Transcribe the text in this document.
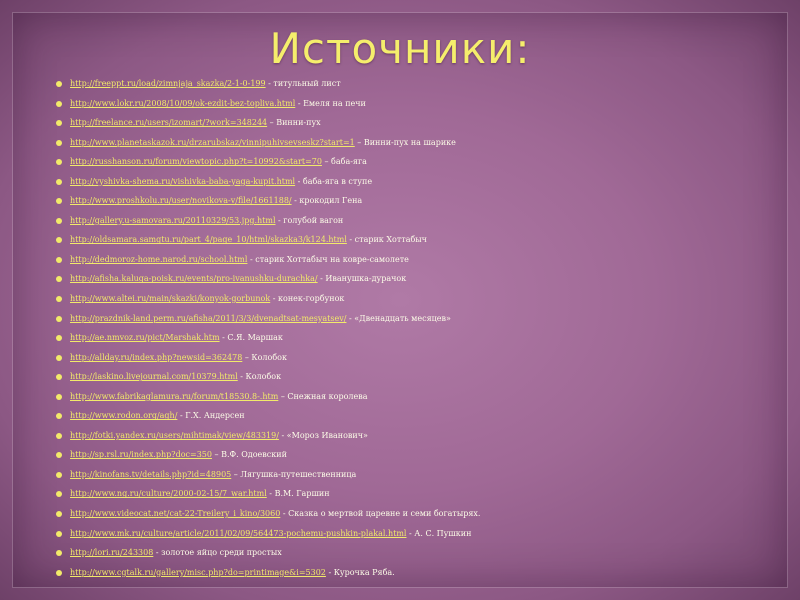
Источники:
http://freeppt.ru/load/zimnjaja_skazka/2-1-0-199 - титульный лист
http://www.lokr.ru/2008/10/09/ok-ezdit-bez-topliva.html - Емеля на печи
http://freelance.ru/users/izomart/?work=348244 – Винни-пух
http://www.planetaskazok.ru/drzarubskaz/vinnipuhivsevseskz?start=1 – Винни-пух на шарике
http://russhanson.ru/forum/viewtopic.php?t=10992&start=70 – баба-яга
http://vyshivka-shema.ru/vishivka-baba-yaga-kupit.html - баба-яга в ступе
http://www.proshkolu.ru/user/novikova-v/file/1661188/ - крокодил Гена
http://gallery.u-samovara.ru/20110329/53.jpg.html - голубой вагон
http://oldsamara.samgtu.ru/part_4/page_10/html/skazka3/k124.html - старик Хоттабыч
http://dedmoroz-home.narod.ru/school.html - старик Хоттабыч на ковре-самолете
http://afisha.kaluga-poisk.ru/events/pro-ivanushku-durachka/ - Иванушка-дурачок
http://www.altei.ru/main/skazki/konyok-gorbunok - конек-горбунок
http://prazdnik-land.perm.ru/afisha/2011/3/3/dvenadtsat-mesyatsev/ - «Двенадцать месяцев»
http://ae.nmvoz.ru/pict/Marshak.htm - С.Я. Маршак
http://allday.ru/index.php?newsid=362478 – Колобок
http://laskino.livejournal.com/10379.html - Колобок
http://www.fabrikaglamura.ru/forum/t18530.8-.htm – Снежная королева
http://www.rodon.org/agh/ - Г.Х. Андерсен
http://fotki.yandex.ru/users/mihtimak/view/483319/ - «Мороз Иванович»
http://sp.rsl.ru/index.php?doc=350 – В.Ф. Одоевский
http://kinofans.tv/details.php?id=48905 – Лягушка-путешественница
http://www.ng.ru/culture/2000-02-15/7_war.html - В.М. Гаршин
http://www.videocat.net/cat-22-Treilery_i_kino/3060 - Сказка о мертвой царевне и семи богатырях.
http://www.mk.ru/culture/article/2011/02/09/564473-pochemu-pushkin-plakal.html - А. С. Пушкин
http://lori.ru/243308 - золотое яйцо среди простых
http://www.cgtalk.ru/gallery/misc.php?do=printimage&i=5302 - Курочка Ряба.
